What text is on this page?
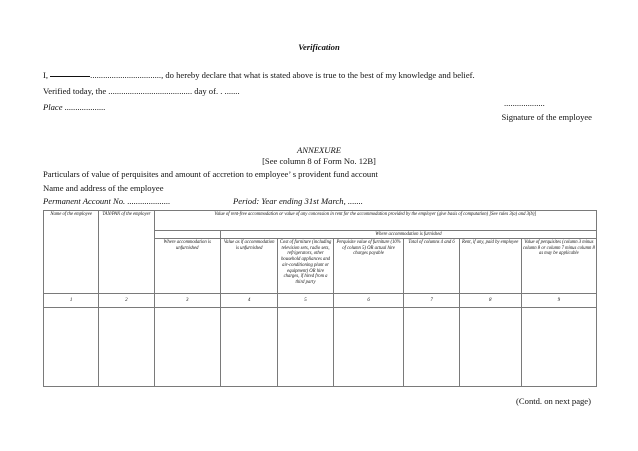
Verification
I,	................................., do hereby declare that what is stated above is true to the best of my knowledge and belief.
Verified today, the ....................................... day of. . .......
Place ...................	...................
Signature of the employee
ANNEXURE
[See column 8 of Form No. 12B]
Particulars of value of perquisites and amount of accretion to employee’ s provident fund account
Name and address of the employee
Permanent Account No. ....................	Period: Year ending 31st March, .......
Name of the employee	TAN/PAN of the employer	Value of rent-free accommodation or value of any concession in rent for the accommodation provided by the employer (give basis of computation) [See rules 3(a) and 3(b)]						
			Where accommodation is furnished					
		Where accommodation is unfurnished	Value as if accommodation is unfurnished	Cost of furniture (including television sets, radio sets, refrigerators, other household appliances and air-conditioning plant or equipment) OR hire charges, if hired from a third party	Perquisite value of furniture (10% of column 5) OR actual hire charges payable	Total of columns 4 and 6	Rent, if any, paid by employee	Value of perquisites (column 3 minus column 8 or column 7 minus column 8 as may be applicable
1	2	3	4	5	6	7	8	9

(Contd. on next page)
